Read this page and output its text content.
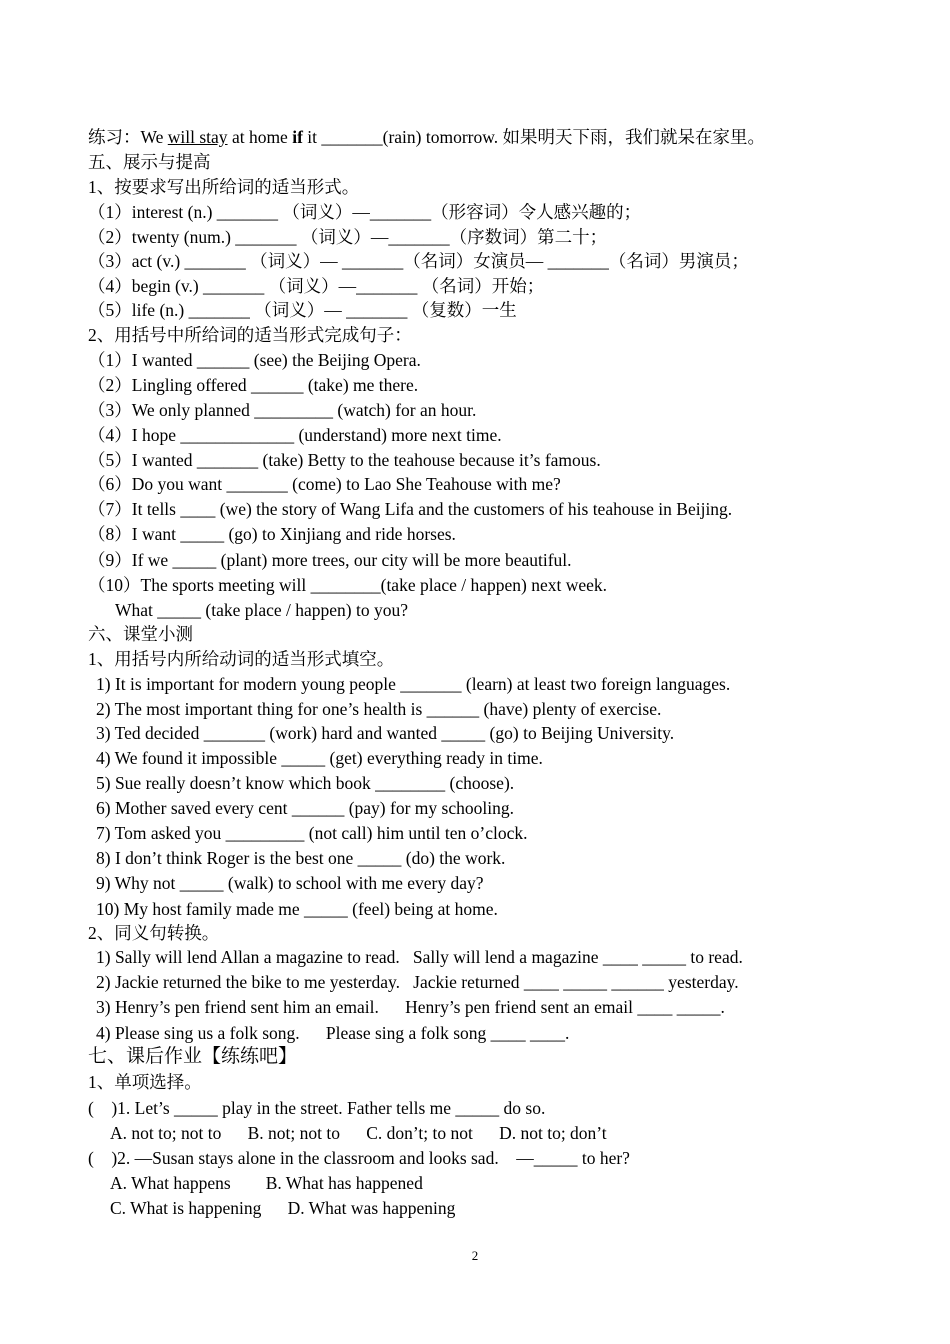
练习：We will stay at home if it _______(rain) tomorrow. 如果明天下雨，我们就呆在家里。
五、展示与提高
1、按要求写出所给词的适当形式。
（1）interest (n.) _______ （词义）—_______（形容词）令人感兴趣的；
（2）twenty (num.) _______ （词义）—_______（序数词）第二十；
（3）act (v.) _______ （词义）— _______（名词）女演员— _______（名词）男演员；
（4）begin (v.) _______ （词义）—_______ （名词）开始；
（5）life (n.) _______ （词义）— _______ （复数）一生
2、用括号中所给词的适当形式完成句子：
（1）I wanted ______ (see) the Beijing Opera.
（2）Lingling offered ______ (take) me there.
（3）We only planned _________ (watch) for an hour.
（4）I hope _____________ (understand) more next time.
（5）I wanted _______ (take) Betty to the teahouse because it’s famous.
（6）Do you want _______ (come) to Lao She Teahouse with me?
（7）It tells ____ (we) the story of Wang Lifa and the customers of his teahouse in Beijing.
（8）I want _____ (go) to Xinjiang and ride horses.
（9）If we _____ (plant) more trees, our city will be more beautiful.
（10）The sports meeting will ________(take place / happen) next week.
What _____ (take place / happen) to you?
六、课堂小测
1、用括号内所给动词的适当形式填空。
1) It is important for modern young people _______ (learn) at least two foreign languages.
2) The most important thing for one’s health is ______ (have) plenty of exercise.
3) Ted decided _______ (work) hard and wanted _____ (go) to Beijing University.
4) We found it impossible _____ (get) everything ready in time.
5) Sue really doesn’t know which book ________ (choose).
6) Mother saved every cent ______ (pay) for my schooling.
7) Tom asked you _________ (not call) him until ten o’clock.
8) I don’t think Roger is the best one _____ (do) the work.
9) Why not _____ (walk) to school with me every day?
10) My host family made me _____ (feel) being at home.
2、同义句转换。
1) Sally will lend Allan a magazine to read.   Sally will lend a magazine ____ _____ to read.
2) Jackie returned the bike to me yesterday.   Jackie returned ____ _____ ______ yesterday.
3) Henry’s pen friend sent him an email.      Henry’s pen friend sent an email ____ _____.
4) Please sing us a folk song.      Please sing a folk song ____ ____.
七、课后作业【练练吧】
1、单项选择。
(    )1. Let’s _____ play in the street. Father tells me _____ do so.
A. not to; not to      B. not; not to      C. don’t; to not      D. not to; don’t
(    )2. —Susan stays alone in the classroom and looks sad.    —_____ to her?
A. What happens        B. What has happened
C. What is happening      D. What was happening
2
